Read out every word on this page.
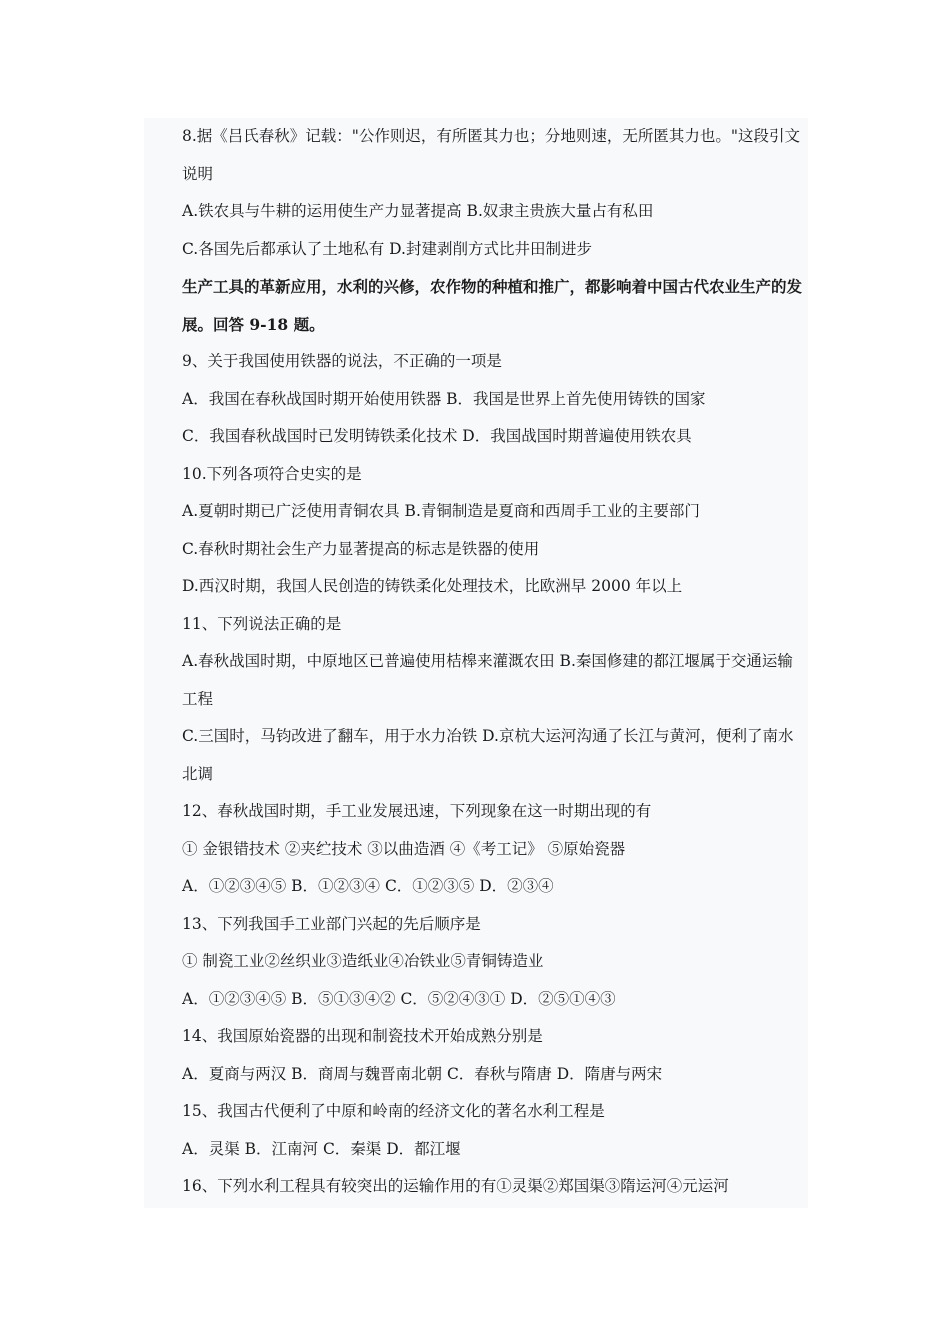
8.据《吕氏春秋》记载："公作则迟，有所匿其力也；分地则速，无所匿其力也。"这段引文说明

A.铁农具与牛耕的运用使生产力显著提高 B.奴隶主贵族大量占有私田

C.各国先后都承认了土地私有 D.封建剥削方式比井田制进步

生产工具的革新应用，水利的兴修，农作物的种植和推广，都影响着中国古代农业生产的发展。回答 9-18 题。

9、关于我国使用铁器的说法，不正确的一项是

A．我国在春秋战国时期开始使用铁器 B．我国是世界上首先使用铸铁的国家

C．我国春秋战国时已发明铸铁柔化技术 D．我国战国时期普遍使用铁农具

10.下列各项符合史实的是

A.夏朝时期已广泛使用青铜农具 B.青铜制造是夏商和西周手工业的主要部门

C.春秋时期社会生产力显著提高的标志是铁器的使用

D.西汉时期，我国人民创造的铸铁柔化处理技术，比欧洲早 2000 年以上

11、下列说法正确的是

A.春秋战国时期，中原地区已普遍使用桔槔来灌溉农田 B.秦国修建的都江堰属于交通运输工程

C.三国时，马钧改进了翻车，用于水力冶铁 D.京杭大运河沟通了长江与黄河，便利了南水北调

12、春秋战国时期，手工业发展迅速，下列现象在这一时期出现的有

① 金银错技术 ②夹纻技术 ③以曲造酒 ④《考工记》 ⑤原始瓷器

A．①②③④⑤ B．①②③④ C．①②③⑤ D．②③④

13、下列我国手工业部门兴起的先后顺序是

① 制瓷工业②丝织业③造纸业④冶铁业⑤青铜铸造业

A．①②③④⑤ B．⑤①③④② C．⑤②④③① D．②⑤①④③

14、我国原始瓷器的出现和制瓷技术开始成熟分别是

A．夏商与两汉 B．商周与魏晋南北朝 C．春秋与隋唐 D．隋唐与两宋

15、我国古代便利了中原和岭南的经济文化的著名水利工程是

A．灵渠 B．江南河 C．秦渠 D．都江堰

16、下列水利工程具有较突出的运输作用的有①灵渠②郑国渠③隋运河④元运河
